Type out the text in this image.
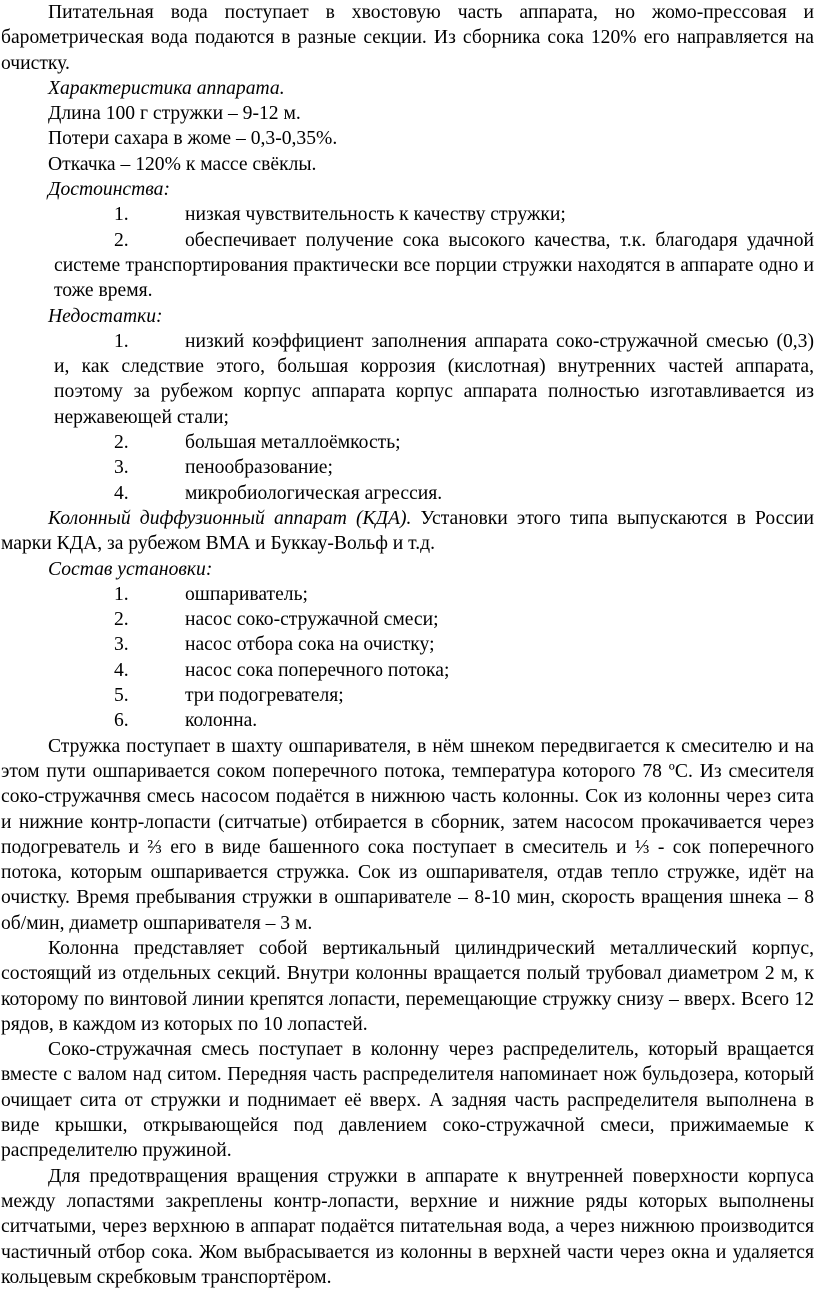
Питательная вода поступает в хвостовую часть аппарата, но жомо-прессовая и барометрическая вода подаются в разные секции. Из сборника сока 120% его направляется на очистку.

Характеристика аппарата.

Длина 100 г стружки – 9-12 м.

Потери сахара в жоме – 0,3-0,35%.

Откачка – 120% к массе свёклы.

Достоинства:

1.	низкая чувствительность к качеству стружки;

2.	обеспечивает получение сока высокого качества, т.к. благодаря удачной системе транспортирования практически все порции стружки находятся в аппарате одно и тоже время.

Недостатки:

1.	низкий коэффициент заполнения аппарата соко-стружачной смесью (0,3) и, как следствие этого, большая коррозия (кислотная) внутренних частей аппарата, поэтому за рубежом корпус аппарата корпус аппарата полностью изготавливается из нержавеющей стали;

2.	большая металлоёмкость;
3.	пенообразование;
4.	микробиологическая агрессия.

Колонный диффузионный аппарат (КДА). Установки этого типа выпускаются в России марки КДА, за рубежом ВМА и Буккау-Вольф и т.д.

Состав установки:

1.	ошпариватель;
2.	насос соко-стружачной смеси;
3.	насос отбора сока на очистку;
4.	насос сока поперечного потока;
5.	три подогревателя;
6.	колонна.

Стружка поступает в шахту ошпаривателя, в нём шнеком передвигается к смесителю и на этом пути ошпаривается соком поперечного потока, температура которого 78 ºС. Из смесителя соко-стружачнвя смесь насосом подаётся в нижнюю часть колонны. Сок из колонны через сита и нижние контр-лопасти (ситчатые) отбирается в сборник, затем насосом прокачивается через подогреватель и ⅔ его в виде башенного сока поступает в смеситель и ⅓ - сок поперечного потока, которым ошпаривается стружка. Сок из ошпаривателя, отдав тепло стружке, идёт на очистку. Время пребывания стружки в ошпаривателе – 8-10 мин, скорость вращения шнека – 8 об/мин, диаметр ошпаривателя – 3 м.

Колонна представляет собой вертикальный цилиндрический металлический корпус, состоящий из отдельных секций. Внутри колонны вращается полый трубовал диаметром 2 м, к которому по винтовой линии крепятся лопасти, перемещающие стружку снизу – вверх. Всего 12 рядов, в каждом из которых по 10 лопастей.

Соко-стружачная смесь поступает в колонну через распределитель, который вращается вместе с валом над ситом. Передняя часть распределителя напоминает нож бульдозера, который очищает сита от стружки и поднимает её вверх. А задняя часть распределителя выполнена в виде крышки, открывающейся под давлением соко-стружачной смеси, прижимаемые к распределителю пружиной.

Для предотвращения вращения стружки в аппарате к внутренней поверхности корпуса между лопастями закреплены контр-лопасти, верхние и нижние ряды которых выполнены ситчатыми, через верхнюю в аппарат подаётся питательная вода, а через нижнюю производится частичный отбор сока. Жом выбрасывается из колонны в верхней части через окна и удаляется кольцевым скребковым транспортёром.
